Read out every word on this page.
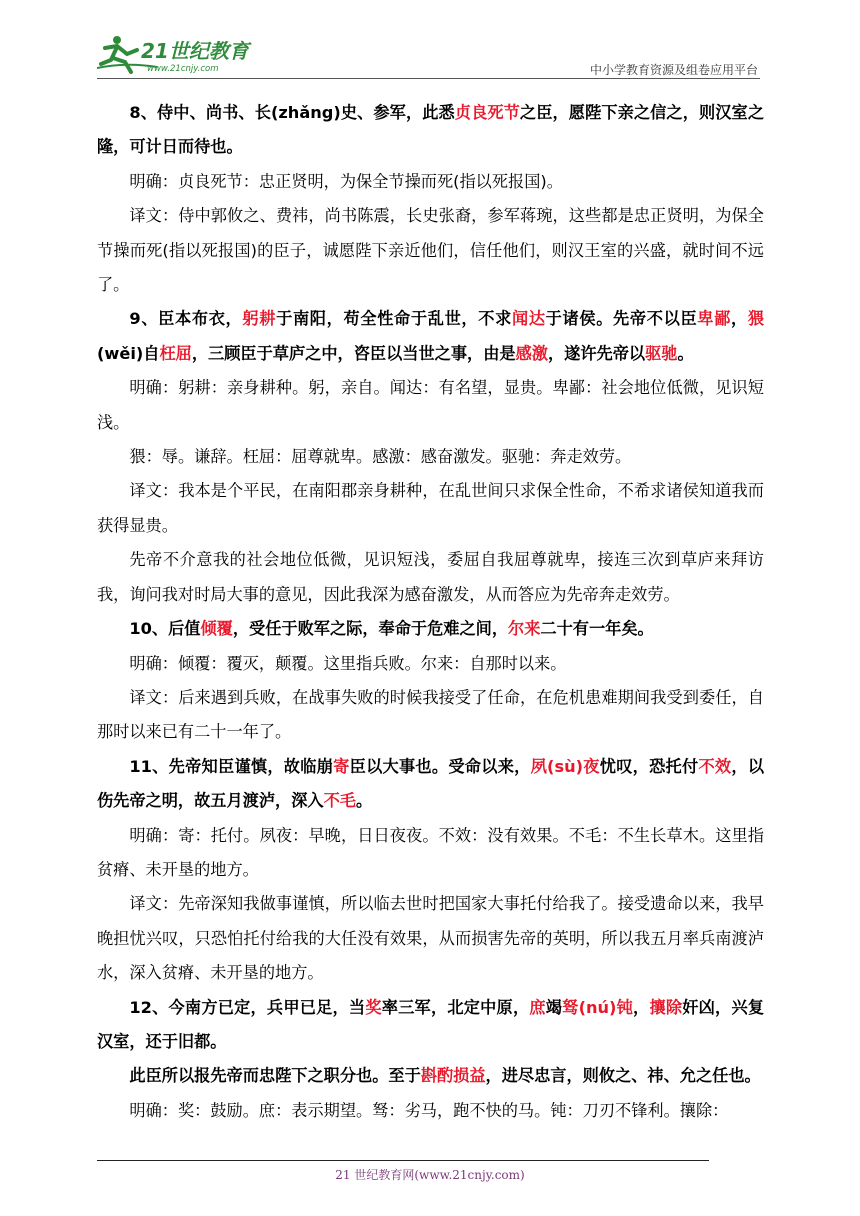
21世纪教育
www.21cnjy.com	中小学教育资源及组卷应用平台

8、侍中、尚书、长(zhǎng)史、参军，此悉贞良死节之臣，愿陛下亲之信之，则汉室之隆，可计日而待也。

明确：贞良死节：忠正贤明，为保全节操而死(指以死报国)。

译文：侍中郭攸之、费祎，尚书陈震，长史张裔，参军蒋琬，这些都是忠正贤明，为保全节操而死(指以死报国)的臣子，诚愿陛下亲近他们，信任他们，则汉王室的兴盛，就时间不远了。

9、臣本布衣，躬耕于南阳，苟全性命于乱世，不求闻达于诸侯。先帝不以臣卑鄙，猥(wěi)自枉屈，三顾臣于草庐之中，咨臣以当世之事，由是感激，遂许先帝以驱驰。

明确：躬耕：亲身耕种。躬，亲自。闻达：有名望，显贵。卑鄙：社会地位低微，见识短浅。

猥：辱。谦辞。枉屈：屈尊就卑。感激：感奋激发。驱驰：奔走效劳。

译文：我本是个平民，在南阳郡亲身耕种，在乱世间只求保全性命，不希求诸侯知道我而获得显贵。

先帝不介意我的社会地位低微，见识短浅，委屈自我屈尊就卑，接连三次到草庐来拜访我，询问我对时局大事的意见，因此我深为感奋激发，从而答应为先帝奔走效劳。

10、后值倾覆，受任于败军之际，奉命于危难之间，尔来二十有一年矣。

明确：倾覆：覆灭，颠覆。这里指兵败。尔来：自那时以来。

译文：后来遇到兵败，在战事失败的时候我接受了任命，在危机患难期间我受到委任，自那时以来已有二十一年了。

11、先帝知臣谨慎，故临崩寄臣以大事也。受命以来，夙(sù)夜忧叹，恐托付不效，以伤先帝之明，故五月渡泸，深入不毛。

明确：寄：托付。夙夜：早晚，日日夜夜。不效：没有效果。不毛：不生长草木。这里指贫瘠、未开垦的地方。

译文：先帝深知我做事谨慎，所以临去世时把国家大事托付给我了。接受遗命以来，我早晚担忧兴叹，只恐怕托付给我的大任没有效果，从而损害先帝的英明，所以我五月率兵南渡泸水，深入贫瘠、未开垦的地方。

12、今南方已定，兵甲已足，当奖率三军，北定中原，庶竭驽(nú)钝，攘除奸凶，兴复汉室，还于旧都。

此臣所以报先帝而忠陛下之职分也。至于斟酌损益，进尽忠言，则攸之、祎、允之任也。

明确：奖：鼓励。庶：表示期望。驽：劣马，跑不快的马。钝：刀刃不锋利。攘除：

21 世纪教育网(www.21cnjy.com)
